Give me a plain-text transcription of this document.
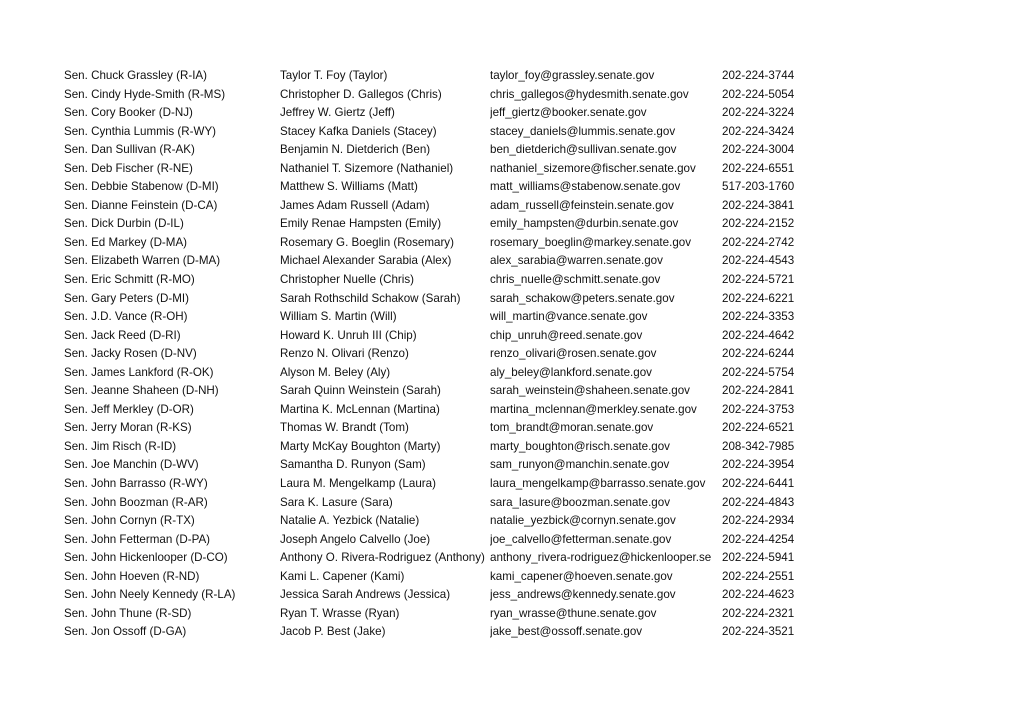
Sen. Chuck Grassley (R-IA)	Taylor T. Foy (Taylor)	taylor_foy@grassley.senate.gov	202-224-3744
Sen. Cindy Hyde-Smith (R-MS)	Christopher D. Gallegos (Chris)	chris_gallegos@hydesmith.senate.gov	202-224-5054
Sen. Cory Booker (D-NJ)	Jeffrey W. Giertz (Jeff)	jeff_giertz@booker.senate.gov	202-224-3224
Sen. Cynthia Lummis (R-WY)	Stacey Kafka Daniels (Stacey)	stacey_daniels@lummis.senate.gov	202-224-3424
Sen. Dan Sullivan (R-AK)	Benjamin N. Dietderich (Ben)	ben_dietderich@sullivan.senate.gov	202-224-3004
Sen. Deb Fischer (R-NE)	Nathaniel T. Sizemore (Nathaniel)	nathaniel_sizemore@fischer.senate.gov	202-224-6551
Sen. Debbie Stabenow (D-MI)	Matthew S. Williams (Matt)	matt_williams@stabenow.senate.gov	517-203-1760
Sen. Dianne Feinstein (D-CA)	James Adam Russell (Adam)	adam_russell@feinstein.senate.gov	202-224-3841
Sen. Dick Durbin (D-IL)	Emily Renae Hampsten (Emily)	emily_hampsten@durbin.senate.gov	202-224-2152
Sen. Ed Markey (D-MA)	Rosemary G. Boeglin (Rosemary)	rosemary_boeglin@markey.senate.gov	202-224-2742
Sen. Elizabeth Warren (D-MA)	Michael Alexander Sarabia (Alex)	alex_sarabia@warren.senate.gov	202-224-4543
Sen. Eric Schmitt (R-MO)	Christopher Nuelle (Chris)	chris_nuelle@schmitt.senate.gov	202-224-5721
Sen. Gary Peters (D-MI)	Sarah Rothschild Schakow (Sarah)	sarah_schakow@peters.senate.gov	202-224-6221
Sen. J.D. Vance (R-OH)	William S. Martin (Will)	will_martin@vance.senate.gov	202-224-3353
Sen. Jack Reed (D-RI)	Howard K. Unruh III (Chip)	chip_unruh@reed.senate.gov	202-224-4642
Sen. Jacky Rosen (D-NV)	Renzo N. Olivari (Renzo)	renzo_olivari@rosen.senate.gov	202-224-6244
Sen. James Lankford (R-OK)	Alyson M. Beley (Aly)	aly_beley@lankford.senate.gov	202-224-5754
Sen. Jeanne Shaheen (D-NH)	Sarah Quinn Weinstein (Sarah)	sarah_weinstein@shaheen.senate.gov	202-224-2841
Sen. Jeff Merkley (D-OR)	Martina K. McLennan (Martina)	martina_mclennan@merkley.senate.gov	202-224-3753
Sen. Jerry Moran (R-KS)	Thomas W. Brandt (Tom)	tom_brandt@moran.senate.gov	202-224-6521
Sen. Jim Risch (R-ID)	Marty McKay Boughton (Marty)	marty_boughton@risch.senate.gov	208-342-7985
Sen. Joe Manchin (D-WV)	Samantha D. Runyon (Sam)	sam_runyon@manchin.senate.gov	202-224-3954
Sen. John Barrasso (R-WY)	Laura M. Mengelkamp (Laura)	laura_mengelkamp@barrasso.senate.gov	202-224-6441
Sen. John Boozman (R-AR)	Sara K. Lasure (Sara)	sara_lasure@boozman.senate.gov	202-224-4843
Sen. John Cornyn (R-TX)	Natalie A. Yezbick (Natalie)	natalie_yezbick@cornyn.senate.gov	202-224-2934
Sen. John Fetterman (D-PA)	Joseph Angelo Calvello (Joe)	joe_calvello@fetterman.senate.gov	202-224-4254
Sen. John Hickenlooper (D-CO)	Anthony O. Rivera-Rodriguez (Anthony) anthony_rivera-rodriguez@hickenlooper.se 202-224-5941
Sen. John Hoeven (R-ND)	Kami L. Capener (Kami)	kami_capener@hoeven.senate.gov	202-224-2551
Sen. John Neely Kennedy (R-LA)	Jessica Sarah Andrews (Jessica)	jess_andrews@kennedy.senate.gov	202-224-4623
Sen. John Thune (R-SD)	Ryan T. Wrasse (Ryan)	ryan_wrasse@thune.senate.gov	202-224-2321
Sen. Jon Ossoff (D-GA)	Jacob P. Best (Jake)	jake_best@ossoff.senate.gov	202-224-3521
